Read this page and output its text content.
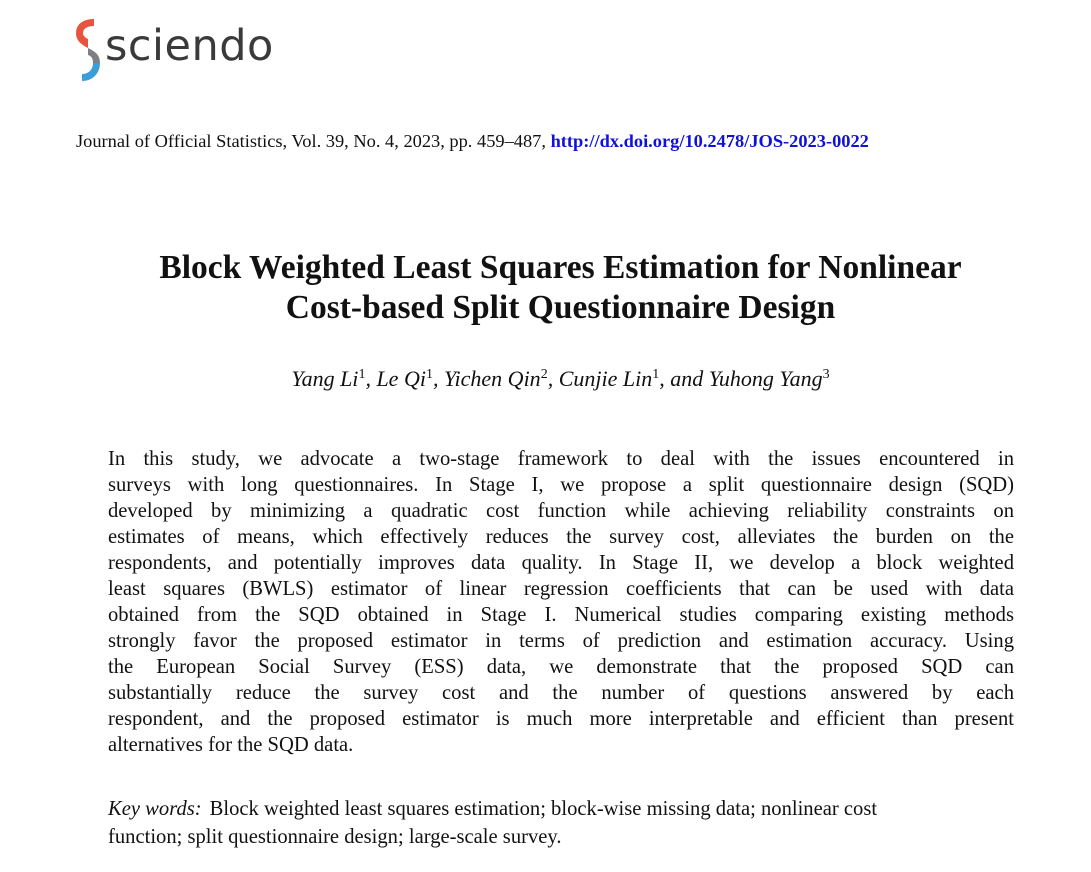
sciendo
Journal of Official Statistics, Vol. 39, No. 4, 2023, pp. 459–487, http://dx.doi.org/10.2478/JOS-2023-0022
Block Weighted Least Squares Estimation for Nonlinear
Cost-based Split Questionnaire Design
Yang Li$^1$, Le Qi$^1$, Yichen Qin$^2$, Cunjie Lin$^1$, and Yuhong Yang$^3$
In this study, we advocate a two-stage framework to deal with the issues encountered in
surveys with long questionnaires. In Stage I, we propose a split questionnaire design (SQD)
developed by minimizing a quadratic cost function while achieving reliability constraints on
estimates of means, which effectively reduces the survey cost, alleviates the burden on the
respondents, and potentially improves data quality. In Stage II, we develop a block weighted
least squares (BWLS) estimator of linear regression coefficients that can be used with data
obtained from the SQD obtained in Stage I. Numerical studies comparing existing methods
strongly favor the proposed estimator in terms of prediction and estimation accuracy. Using
the European Social Survey (ESS) data, we demonstrate that the proposed SQD can
substantially reduce the survey cost and the number of questions answered by each
respondent, and the proposed estimator is much more interpretable and efficient than present
alternatives for the SQD data.
Key words: Block weighted least squares estimation; block-wise missing data; nonlinear cost
function; split questionnaire design; large-scale survey.
